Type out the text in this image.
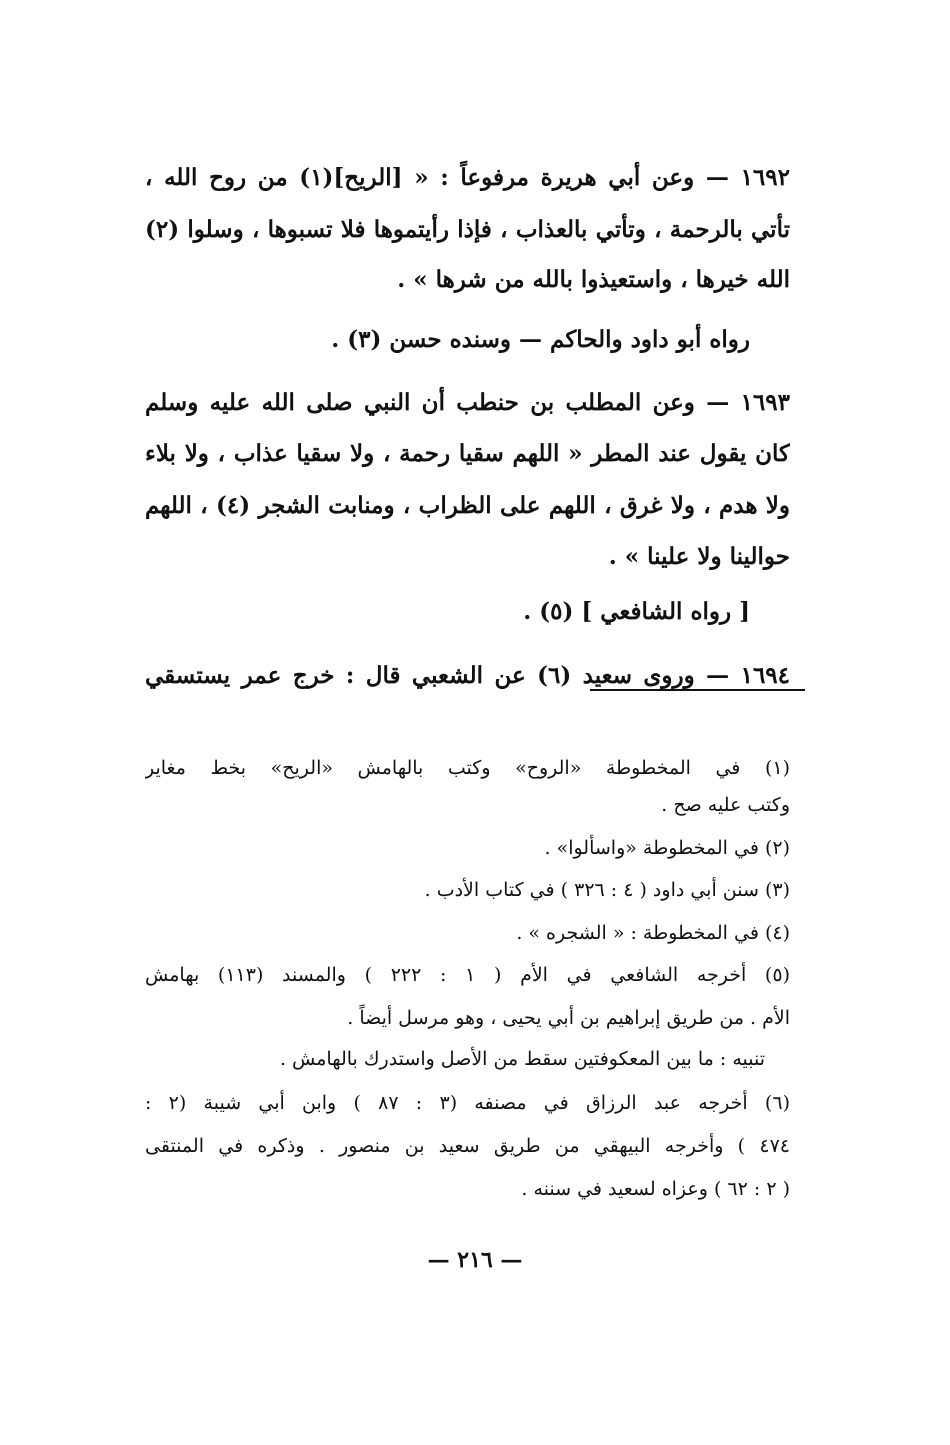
١٦٩٢ — وعن أبي هريرة مرفوعاً : « [الريح](١) من روح الله ،
تأتي بالرحمة ، وتأتي بالعذاب ، فإذا رأيتموها فلا تسبوها ، وسلوا (٢)
الله خيرها ، واستعيذوا بالله من شرها » .
رواه أبو داود والحاكم — وسنده حسن (٣) .
١٦٩٣ — وعن المطلب بن حنطب أن النبي صلى الله عليه وسلم
كان يقول عند المطر « اللهم سقيا رحمة ، ولا سقيا عذاب ، ولا بلاء
ولا هدم ، ولا غرق ، اللهم على الظراب ، ومنابت الشجر (٤) ، اللهم
حوالينا ولا علينا » .
[ رواه الشافعي ] (٥) .
١٦٩٤ — وروى سعيد (٦) عن الشعبي قال : خرج عمر يستسقي
(١) في المخطوطة «الروح» وكتب بالهامش «الريح» بخط مغاير
وكتب عليه صح .
(٢) في المخطوطة «واسألوا» .
(٣) سنن أبي داود ( ٤ : ٣٢٦ ) في كتاب الأدب .
(٤) في المخطوطة : « الشجره » .
(٥) أخرجه الشافعي في الأم ( ١ : ٢٢٢ ) والمسند (١١٣) بهامش
الأم . من طريق إبراهيم بن أبي يحيى ، وهو مرسل أيضاً .
تنبيه : ما بين المعكوفتين سقط من الأصل واستدرك بالهامش .
(٦) أخرجه عبد الرزاق في مصنفه (٣ : ٨٧ ) وابن أبي شيبة (٢ :
٤٧٤ ) وأخرجه البيهقي من طريق سعيد بن منصور . وذكره في المنتقى
( ٢ : ٦٢ ) وعزاه لسعيد في سننه .
— ٢١٦ —
